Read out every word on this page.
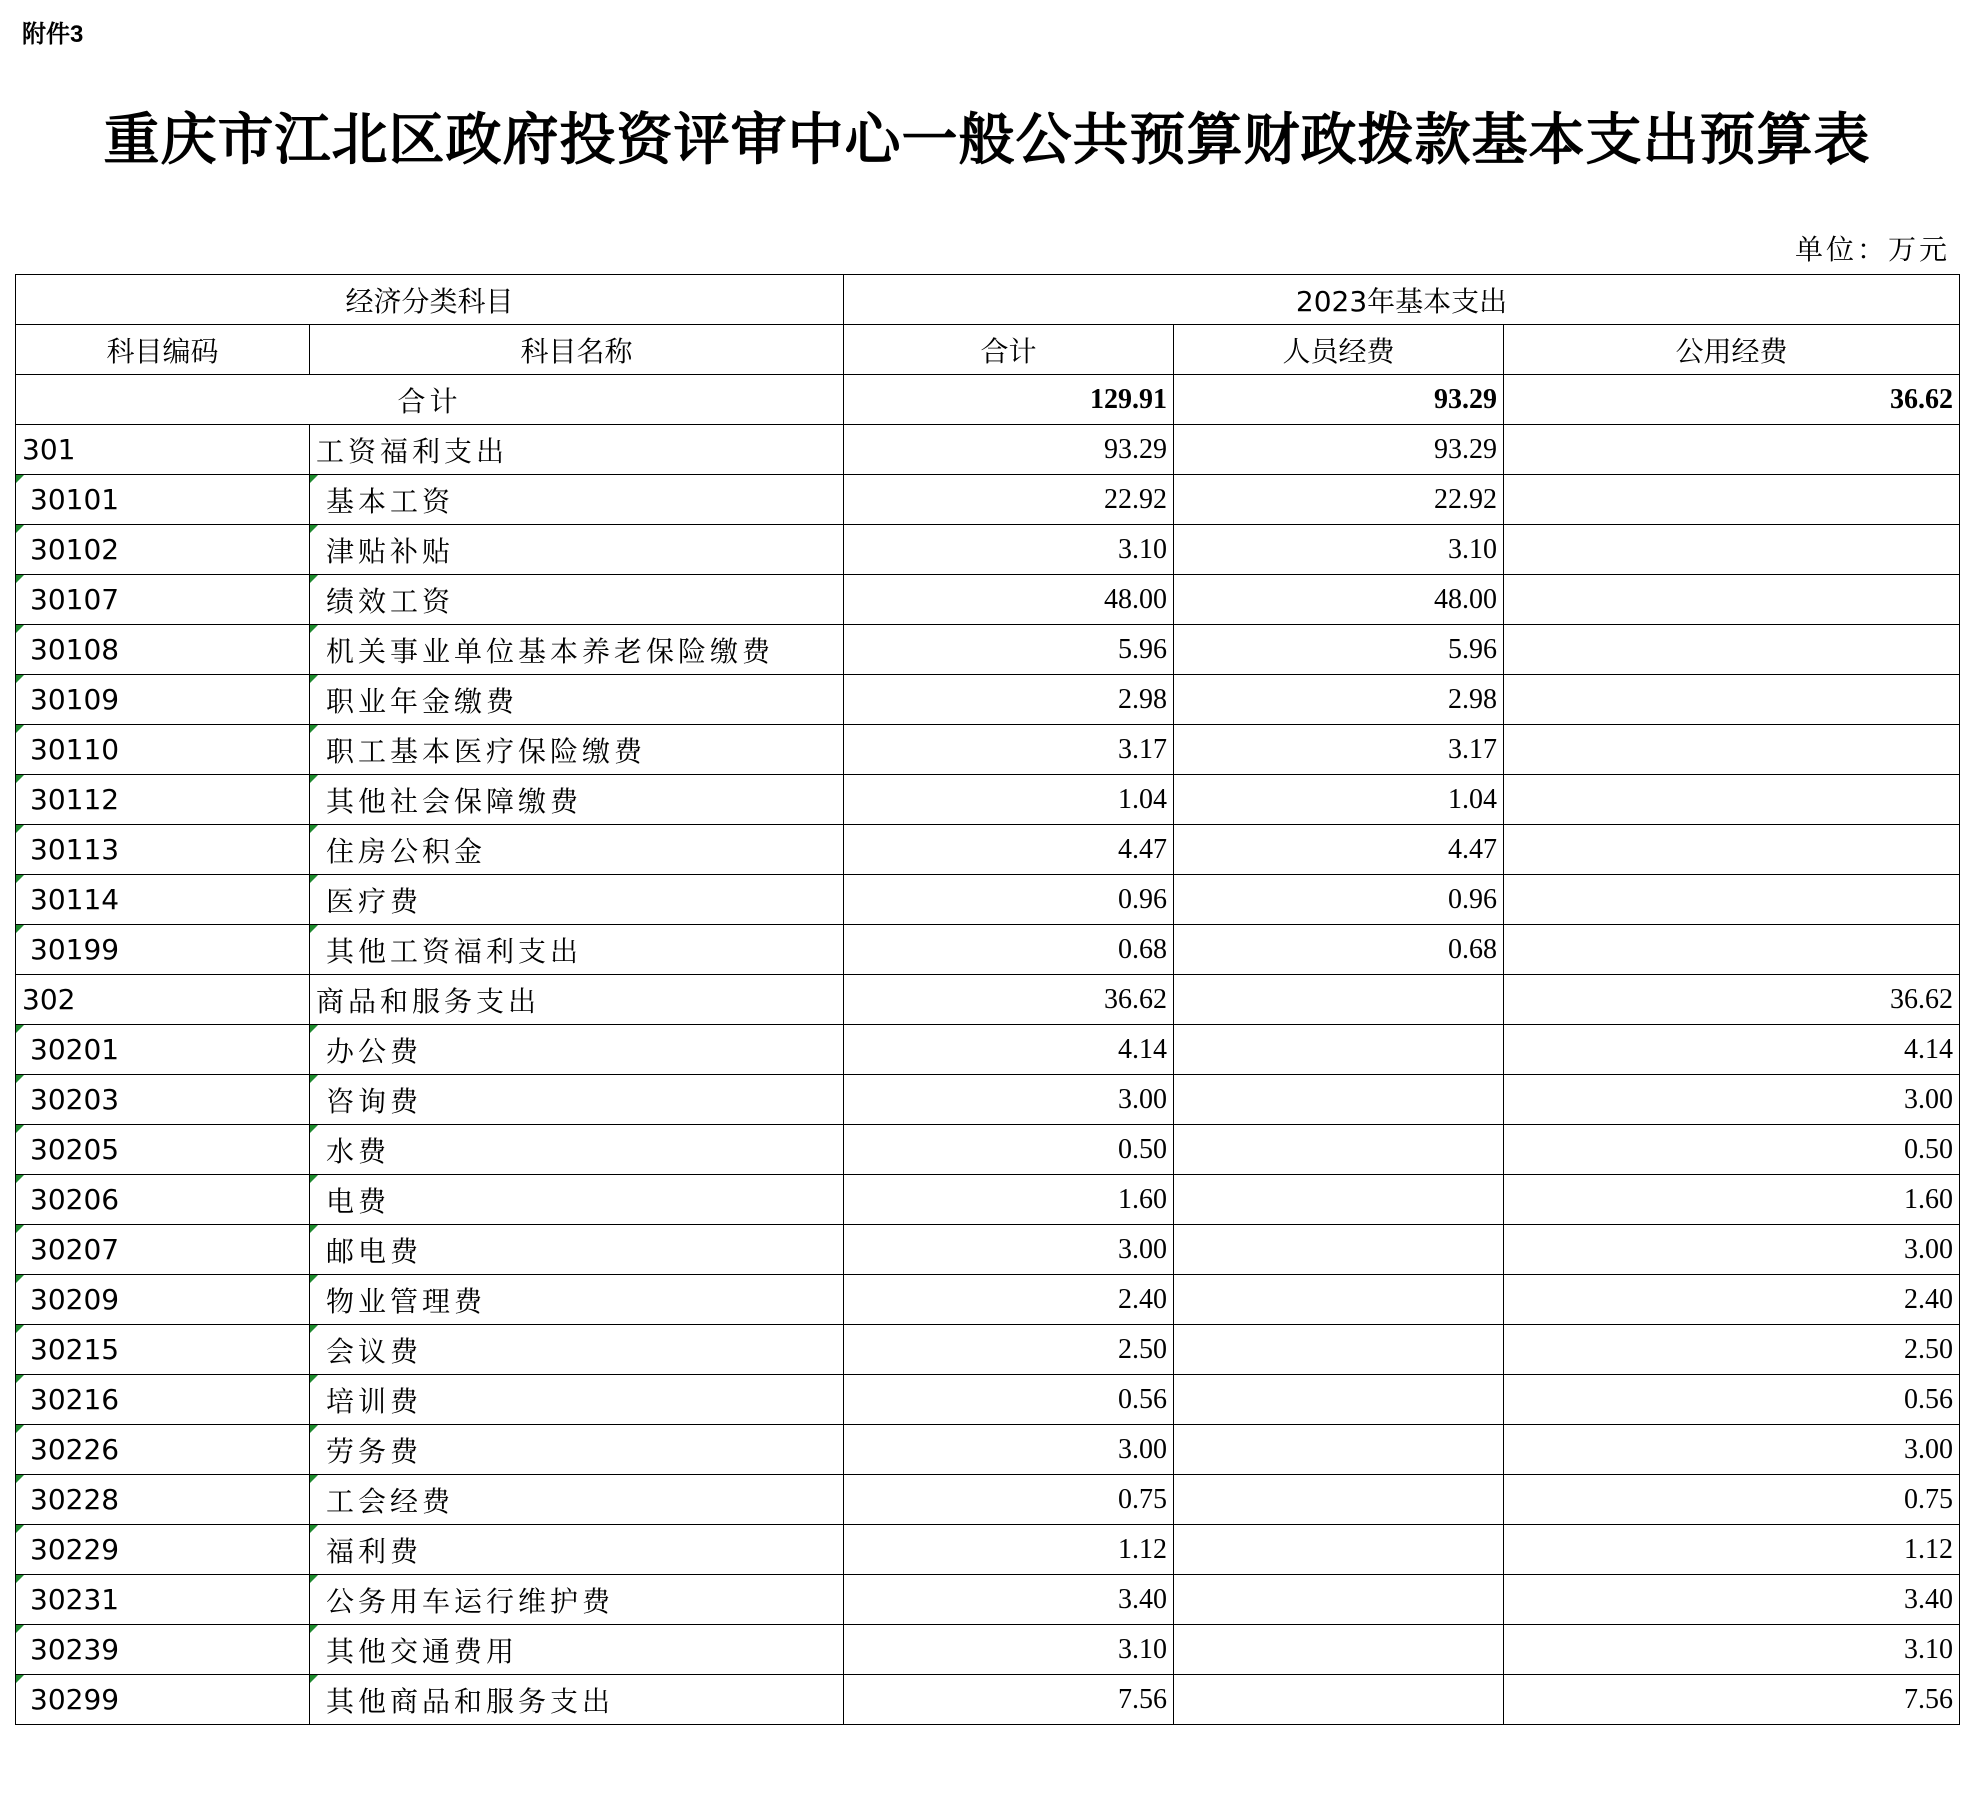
附件3
重庆市江北区政府投资评审中心一般公共预算财政拨款基本支出预算表
单位：万元
经济分类科目		2023年基本支出		
科目编码	科目名称	合计	人员经费	公用经费
合计		129.91	93.29	36.62
301	工资福利支出	93.29	93.29	

30101	基本工资	22.92	22.92	

30102	津贴补贴	3.10	3.10	

30107	绩效工资	48.00	48.00	

30108	机关事业单位基本养老保险缴费	5.96	5.96	

30109	职业年金缴费	2.98	2.98	

30110	职工基本医疗保险缴费	3.17	3.17	

30112	其他社会保障缴费	1.04	1.04	

30113	住房公积金	4.47	4.47	

30114	医疗费	0.96	0.96	

30199	其他工资福利支出	0.68	0.68	
302	商品和服务支出	36.62		36.62

30201	办公费	4.14		4.14

30203	咨询费	3.00		3.00

30205	水费	0.50		0.50

30206	电费	1.60		1.60

30207	邮电费	3.00		3.00

30209	物业管理费	2.40		2.40

30215	会议费	2.50		2.50

30216	培训费	0.56		0.56

30226	劳务费	3.00		3.00

30228	工会经费	0.75		0.75

30229	福利费	1.12		1.12

30231	公务用车运行维护费	3.40		3.40

30239	其他交通费用	3.10		3.10

30299	其他商品和服务支出	7.56		7.56
